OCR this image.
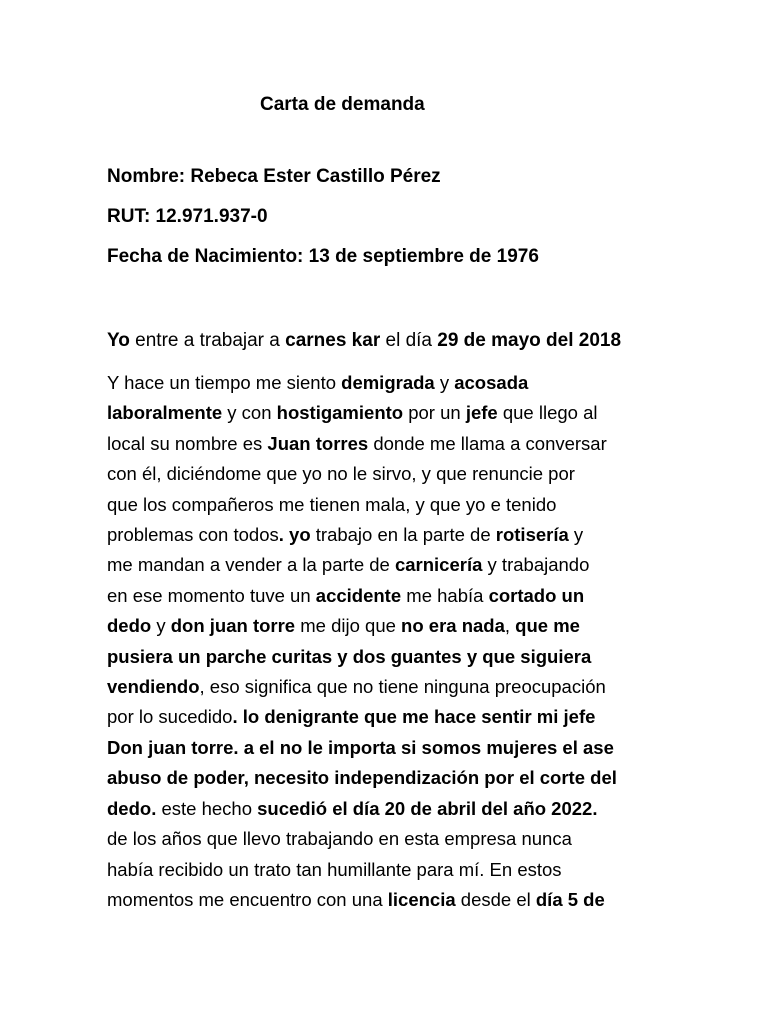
Carta de demanda
Nombre: Rebeca Ester Castillo Pérez
RUT: 12.971.937-0
Fecha de Nacimiento: 13 de septiembre de 1976
Yo entre a trabajar a carnes kar el día 29 de mayo del 2018
Y hace un tiempo me siento demigrada y acosada
laboralmente y con hostigamiento por un jefe que llego al
local su nombre es Juan torres donde me llama a conversar
con él, diciéndome que yo no le sirvo, y que renuncie por
que los compañeros me tienen mala, y que yo e tenido
problemas con todos. yo trabajo en la parte de rotisería y
me mandan a vender a la parte de carnicería y trabajando
en ese momento tuve un accidente me había cortado un
dedo y don juan torre me dijo que no era nada, que me
pusiera un parche curitas y dos guantes y que siguiera
vendiendo, eso significa que no tiene ninguna preocupación
por lo sucedido. lo denigrante que me hace sentir mi jefe
Don juan torre. a el no le importa si somos mujeres el ase
abuso de poder, necesito independización por el corte del
dedo. este hecho sucedió el día 20 de abril del año 2022.
de los años que llevo trabajando en esta empresa nunca
había recibido un trato tan humillante para mí. En estos
momentos me encuentro con una licencia desde el día 5 de
